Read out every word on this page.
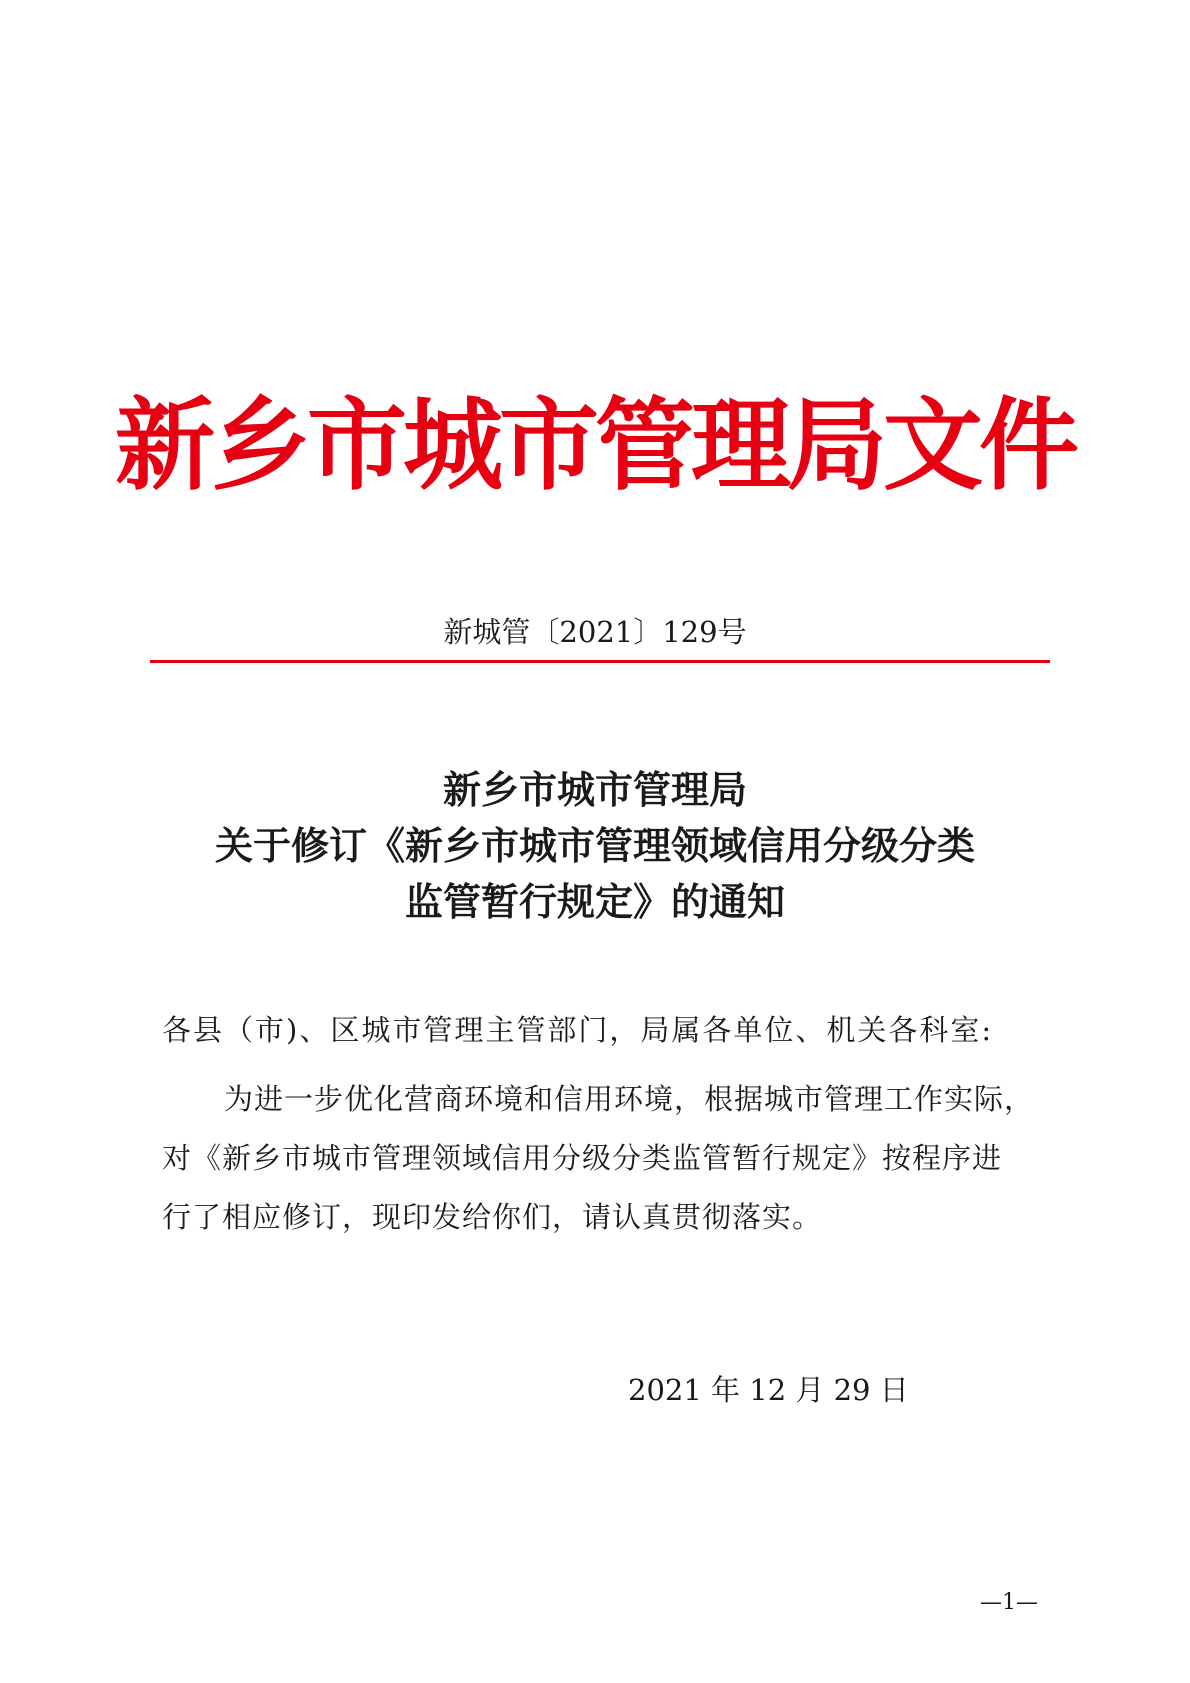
新乡市城市管理局文件
新城管〔2021〕129号
新乡市城市管理局
关于修订《新乡市城市管理领域信用分级分类
监管暂行规定》的通知
各县（市)、区城市管理主管部门，局属各单位、机关各科室:
为进一步优化营商环境和信用环境，根据城市管理工作实际，
对《新乡市城市管理领域信用分级分类监管暂行规定》按程序进
行了相应修订，现印发给你们，请认真贯彻落实。
2021 年 12 月 29 日
—1—
